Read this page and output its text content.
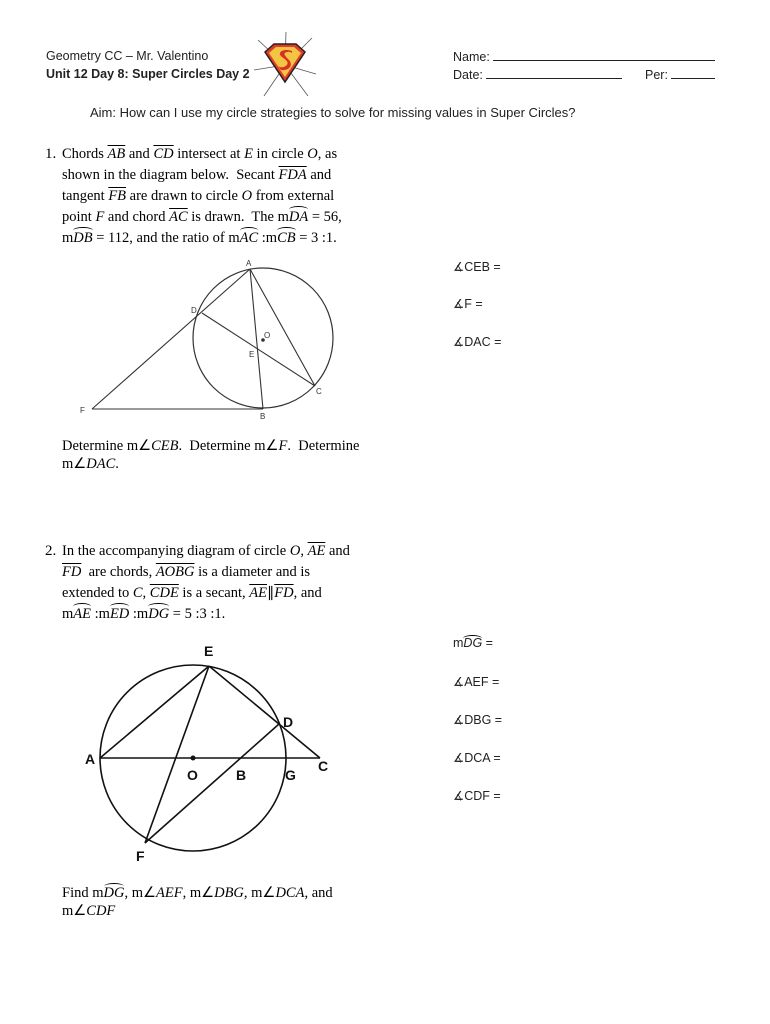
Geometry CC – Mr. Valentino
Unit 12 Day 8: Super Circles Day 2
Name:
Date:	Per:
Aim: How can I use my circle strategies to solve for missing values in Super Circles?
1. Chords $\overline{AB}$ and $\overline{CD}$ intersect at E in circle O, as
shown in the diagram below.  Secant $\overline{FDA}$ and
tangent $\overline{FB}$ are drawn to circle O from external
point F and chord $\overline{AC}$ is drawn.  The mDA = 56,
mDB = 112, and the ratio of mAC :mCB = 3 :1.
A
D
O
E
C
F
B
Determine m∠CEB.  Determine m∠F.  Determine
m∠DAC.
∡CEB =
∡F =
∡DAC =
2. In the accompanying diagram of circle O, $\overline{AE}$ and
$\overline{FD}$  are chords, AOBG is a diameter and is
extended to C, $\overline{CDE}$ is a secant, $\overline{AE}\parallel\overline{FD}$, and
mAE :mED :mDG = 5 :3 :1.
E
D
A
O	B	G
C
F
Find mDG, m∠AEF, m∠DBG, m∠DCA, and
m∠CDF
mDG =
∡AEF =
∡DBG =
∡DCA =
∡CDF =
